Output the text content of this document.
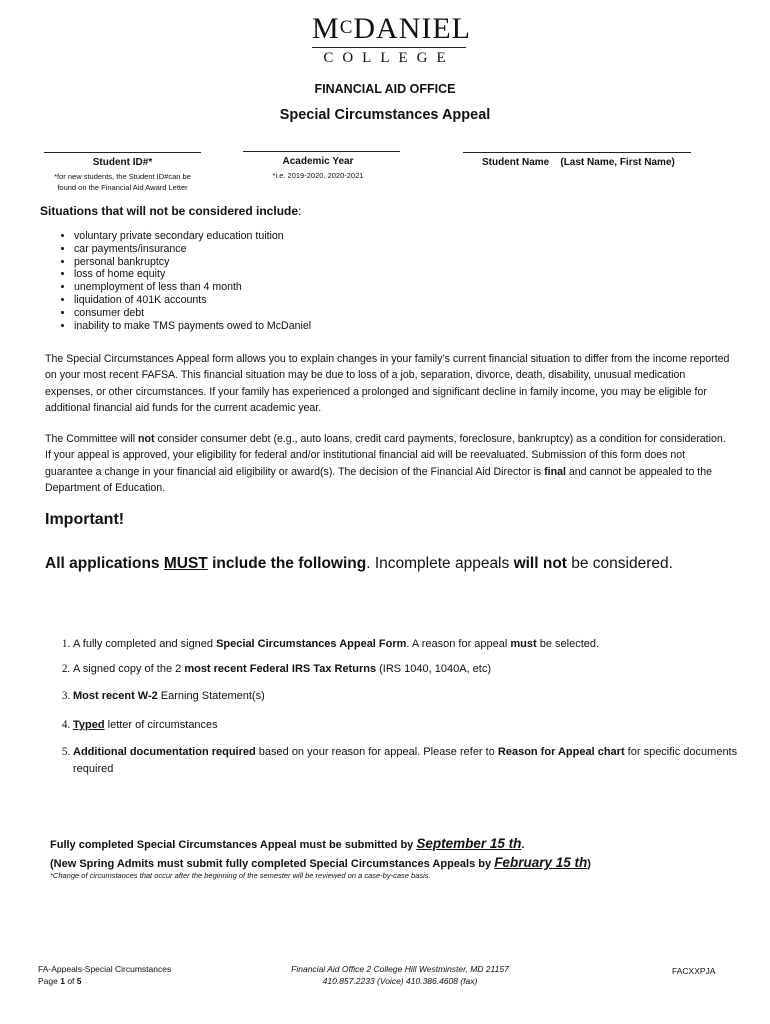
$M^CDANIEL$
COLLEGE
FINANCIAL AID OFFICE
Special Circumstances Appeal
Student ID#*
*for new students, the Student ID#can be
found on the Financial Aid Award Letter
Academic Year
*i.e. 2019-2020, 2020-2021
Student Name (Last Name, First Name)
Situations that will not be considered include:
• voluntary private secondary education tuition
• car payments/insurance
• personal bankruptcy
• loss of home equity
• unemployment of less than 4 month
• liquidation of 401K accounts
• consumer debt
• inability to make TMS payments owed to McDaniel
The Special Circumstances Appeal form allows you to explain changes in your family’s current financial situation to differ from the income reported on your most recent FAFSA. This financial situation may be due to loss of a job, separation, divorce, death, disability, unusual medication expenses, or other circumstances. If your family has experienced a prolonged and significant decline in family income, you may be eligible for additional financial aid funds for the current academic year.
The Committee will not consider consumer debt (e.g., auto loans, credit card payments, foreclosure, bankruptcy) as a condition for consideration. If your appeal is approved, your eligibility for federal and/or institutional financial aid will be reevaluated. Submission of this form does not guarantee a change in your financial aid eligibility or award(s). The decision of the Financial Aid Director is final and cannot be appealed to the Department of Education.
Important!
All applications MUST include the following. Incomplete appeals will not be considered.
1. A fully completed and signed Special Circumstances Appeal Form. A reason for appeal must be selected.
2. A signed copy of the 2 most recent Federal IRS Tax Returns (IRS 1040, 1040A, etc)
3. Most recent W-2 Earning Statement(s)
4. Typed letter of circumstances
5. Additional documentation required based on your reason for appeal. Please refer to Reason for Appeal chart for specific documents required
Fully completed Special Circumstances Appeal must be submitted by September 15 th.
(New Spring Admits must submit fully completed Special Circumstances Appeals by February 15 th)
*Change of circumstances that occur after the beginning of the semester will be reviewed on a case-by-case basis.
FA-Appeals-Special Circumstances
Page 1 of 5
Financial Aid Office 2 College Hill Westminster, MD 21157
410.857.2233 (Voice) 410.386.4608 (fax)
FACXXPJA
